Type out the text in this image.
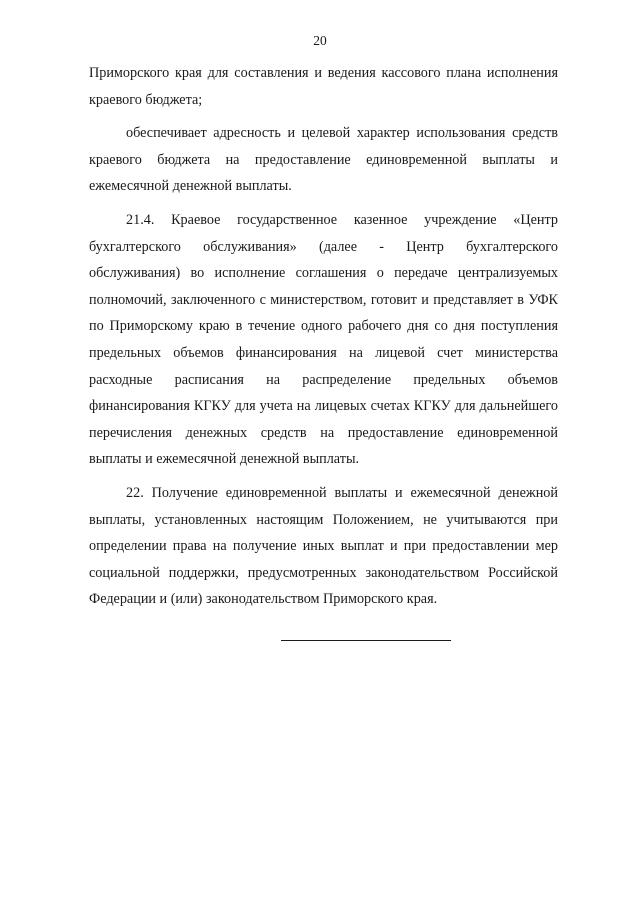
20

Приморского края для составления и ведения кассового плана исполнения краевого бюджета;

обеспечивает адресность и целевой характер использования средств краевого бюджета на предоставление единовременной выплаты и ежемесячной денежной выплаты.

21.4. Краевое государственное казенное учреждение «Центр бухгалтерского обслуживания» (далее - Центр бухгалтерского обслуживания) во исполнение соглашения о передаче централизуемых полномочий, заключенного с министерством, готовит и представляет в УФК по Приморскому краю в течение одного рабочего дня со дня поступления предельных объемов финансирования на лицевой счет министерства расходные расписания на распределение предельных объемов финансирования КГКУ для учета на лицевых счетах КГКУ для дальнейшего перечисления денежных средств на предоставление единовременной выплаты и ежемесячной денежной выплаты.

22. Получение единовременной выплаты и ежемесячной денежной выплаты, установленных настоящим Положением, не учитываются при определении права на получение иных выплат и при предоставлении мер социальной поддержки, предусмотренных законодательством Российской Федерации и (или) законодательством Приморского края.
